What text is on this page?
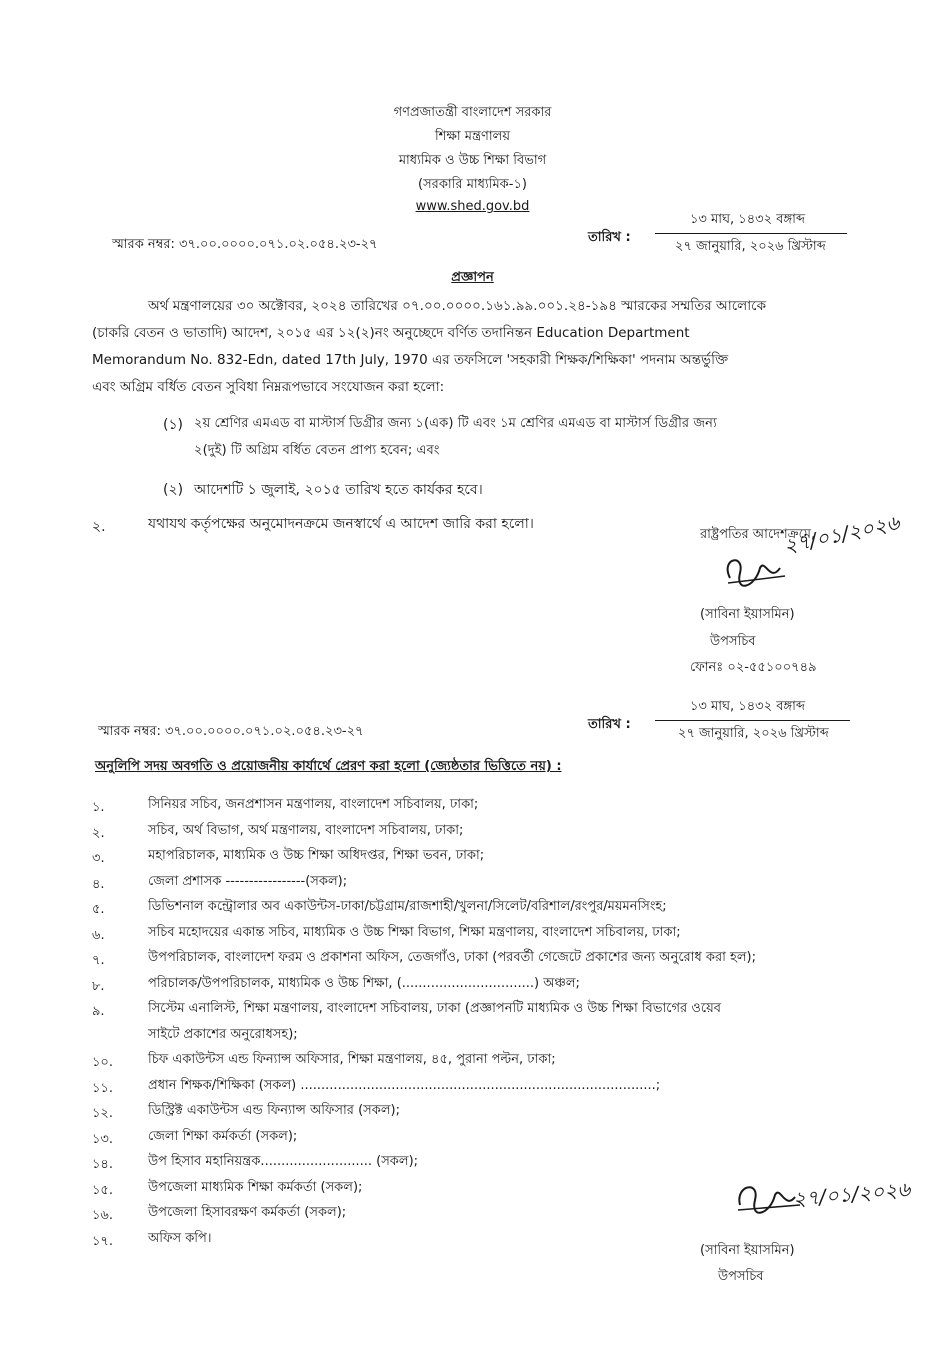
গণপ্রজাতন্ত্রী বাংলাদেশ সরকার
শিক্ষা মন্ত্রণালয়
মাধ্যমিক ও উচ্চ শিক্ষা বিভাগ
(সরকারি মাধ্যমিক-১)
www.shed.gov.bd
স্মারক নম্বর: ৩৭.০০.০০০০.০৭১.০২.০৫৪.২৩-২৭	তারিখ :
১৩ মাঘ, ১৪৩২ বঙ্গাব্দ
২৭ জানুয়ারি, ২০২৬ খ্রিস্টাব্দ
প্রজ্ঞাপন
অর্থ মন্ত্রণালয়ের ৩০ অক্টোবর, ২০২৪ তারিখের ০৭.০০.০০০০.১৬১.৯৯.০০১.২৪-১৯৪ স্মারকের সম্মতির আলোকে
(চাকরি বেতন ও ভাতাদি) আদেশ, ২০১৫ এর ১২(২)নং অনুচ্ছেদে বর্ণিত তদানিন্তন Education Department
Memorandum No. 832-Edn, dated 17th July, 1970 এর তফসিলে 'সহকারী শিক্ষক/শিক্ষিকা' পদনাম অন্তর্ভুক্তি
এবং অগ্রিম বর্ধিত বেতন সুবিধা নিম্নরূপভাবে সংযোজন করা হলো:
(১) ২য় শ্রেণির এমএড বা মাস্টার্স ডিগ্রীর জন্য ১(এক) টি এবং ১ম শ্রেণির এমএড বা মাস্টার্স ডিগ্রীর জন্য
২(দুই) টি অগ্রিম বর্ধিত বেতন প্রাপ্য হবেন; এবং
(২) আদেশটি ১ জুলাই, ২০১৫ তারিখ হতে কার্যকর হবে।
২.	যথাযথ কর্তৃপক্ষের অনুমোদনক্রমে জনস্বার্থে এ আদেশ জারি করা হলো।
রাষ্ট্রপতির আদেশক্রমে,
২৭/০১/২০২৬
(সাবিনা ইয়াসমিন)
উপসচিব
ফোনঃ ০২-৫৫১০০৭৪৯
স্মারক নম্বর: ৩৭.০০.০০০০.০৭১.০২.০৫৪.২৩-২৭	তারিখ :
১৩ মাঘ, ১৪৩২ বঙ্গাব্দ
২৭ জানুয়ারি, ২০২৬ খ্রিস্টাব্দ
অনুলিপি সদয় অবগতি ও প্রয়োজনীয় কার্যার্থে প্রেরণ করা হলো (জ্যেষ্ঠতার ভিত্তিতে নয়) :
১.	সিনিয়র সচিব, জনপ্রশাসন মন্ত্রণালয়, বাংলাদেশ সচিবালয়, ঢাকা;
২.	সচিব, অর্থ বিভাগ, অর্থ মন্ত্রণালয়, বাংলাদেশ সচিবালয়, ঢাকা;
৩.	মহাপরিচালক, মাধ্যমিক ও উচ্চ শিক্ষা অধিদপ্তর, শিক্ষা ভবন, ঢাকা;
৪.	জেলা প্রশাসক -----------------(সকল);
৫.	ডিভিশনাল কন্ট্রোলার অব একাউন্টস-ঢাকা/চট্টগ্রাম/রাজশাহী/খুলনা/সিলেট/বরিশাল/রংপুর/ময়মনসিংহ;
৬.	সচিব মহোদয়ের একান্ত সচিব, মাধ্যমিক ও উচ্চ শিক্ষা বিভাগ, শিক্ষা মন্ত্রণালয়, বাংলাদেশ সচিবালয়, ঢাকা;
৭.	উপপরিচালক, বাংলাদেশ ফরম ও প্রকাশনা অফিস, তেজগাঁও, ঢাকা (পরবর্তী গেজেটে প্রকাশের জন্য অনুরোধ করা হল);
৮.	পরিচালক/উপপরিচালক, মাধ্যমিক ও উচ্চ শিক্ষা, (................................) অঞ্চল;
৯.	সিস্টেম এনালিস্ট, শিক্ষা মন্ত্রণালয়, বাংলাদেশ সচিবালয়, ঢাকা (প্রজ্ঞাপনটি মাধ্যমিক ও উচ্চ শিক্ষা বিভাগের ওয়েব
সাইটে প্রকাশের অনুরোধসহ);
১০.	চিফ একাউন্টস এন্ড ফিন্যান্স অফিসার, শিক্ষা মন্ত্রণালয়, ৪৫, পুরানা পল্টন, ঢাকা;
১১.	প্রধান শিক্ষক/শিক্ষিকা (সকল) ......................................................................................;
১২.	ডিস্ট্রিক্ট একাউন্টস এন্ড ফিন্যান্স অফিসার (সকল);
১৩.	জেলা শিক্ষা কর্মকর্তা (সকল);
১৪.	উপ হিসাব মহানিয়ন্ত্রক........................... (সকল);
১৫.	উপজেলা মাধ্যমিক শিক্ষা কর্মকর্তা (সকল);
১৬.	উপজেলা হিসাবরক্ষণ কর্মকর্তা (সকল);
১৭.	অফিস কপি।
২৭/০১/২০২৬
(সাবিনা ইয়াসমিন)
উপসচিব
